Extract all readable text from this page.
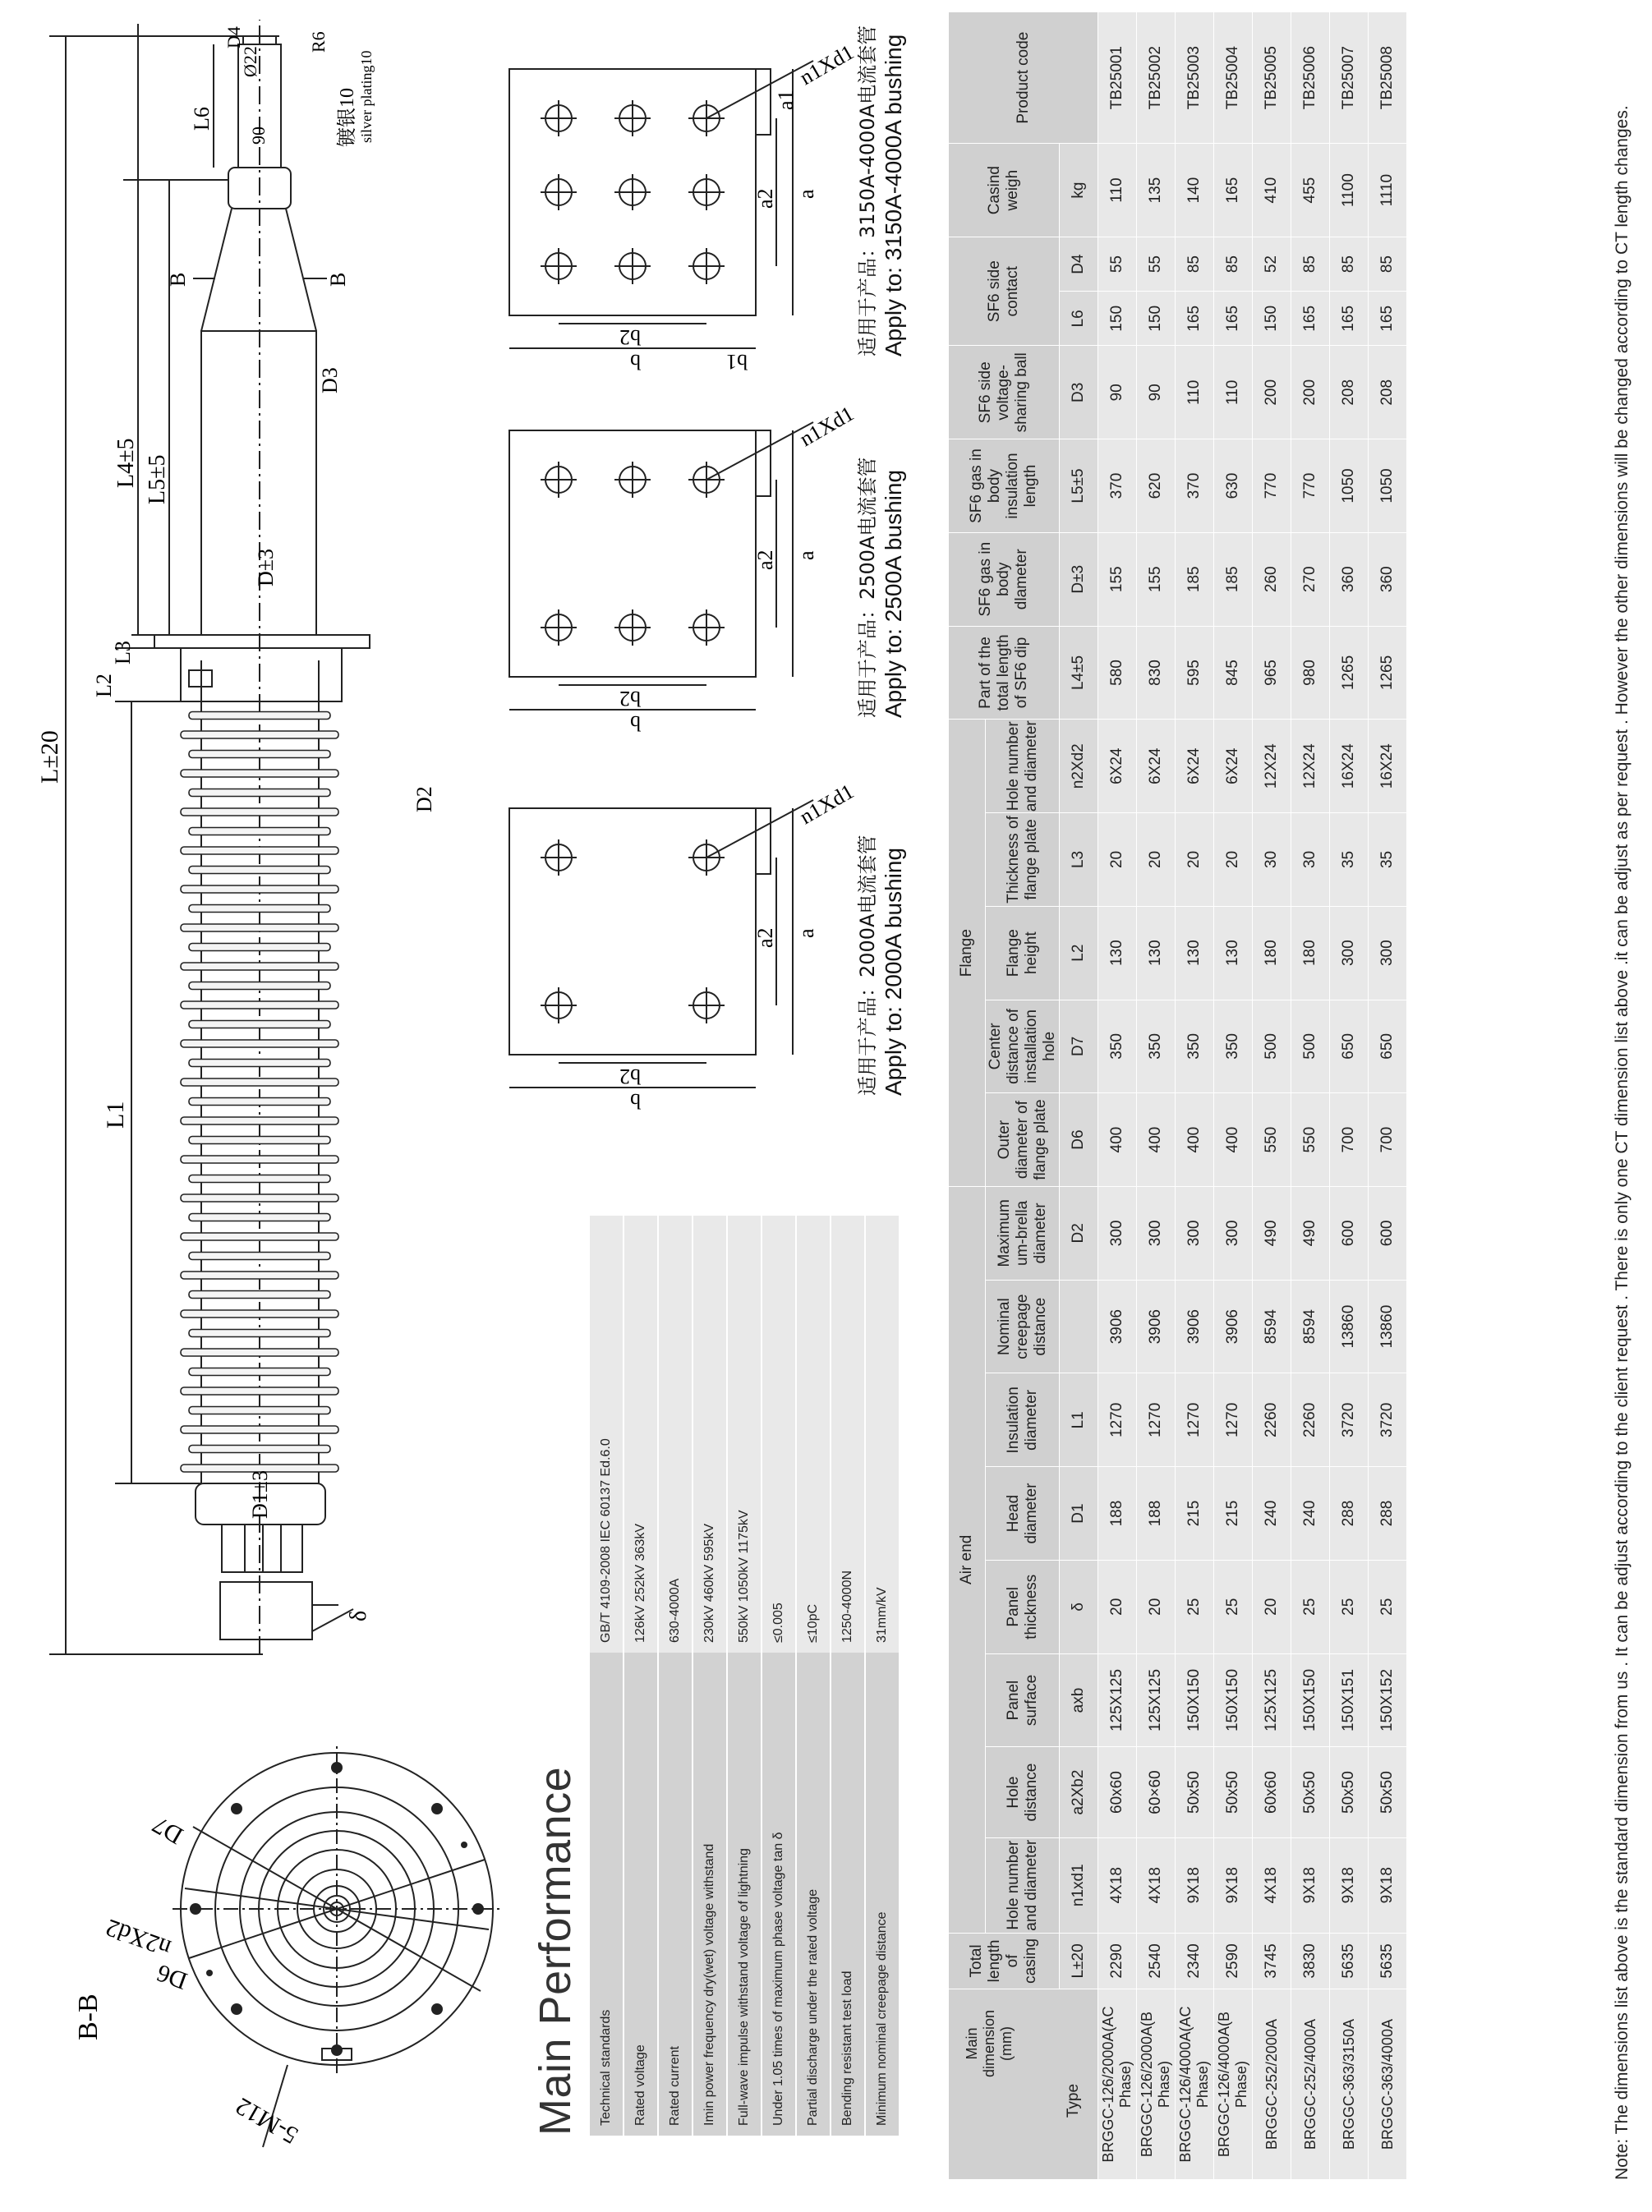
B-B
D6
n2Xd2
D7
5-M12
L±20
L1
L2
L3
L4±5 L5±5
L6
D1±3
D2
D3
D±3
90
Ø22
D4	R6
镀银10 silver plating10
δ
B	B
Main Performance Technical standards	GB/T 4109-2008 IEC 60137 Ed.6.0
Rated voltage	126kV 252kV 363kV
Rated current	630-4000A
Imin power frequency dry(wet) voltage withstand	230kV 460kV 595kV
Full-wave impulse withstand voltage of lightning	550kV 1050kV 1175kV
Under 1.05 times of maximum phase voltage tan δ	≤0.005
Partial discharge under the rated voltage	≤10pC
Bending resistant test load	1250-4000N
Minimum nominal creepage distance	31mm/kV
b
b2
a
a2
n1Xd1
适用于产品：2000A电流套管 Apply to: 2000A bushing
b
b2
a
a2
n1Xd1
适用于产品：2500A电流套管 Apply to: 2500A bushing
b
b2
a
a2
n1Xd1
a1
b1
适用于产品：3150A-4000A电流套管 Apply to: 3150A-4000A bushing
Main dimension (mm)
Type	Total length of casing	Air end								Flange					Part of the total length of SF6 dip	SF6 gas in body dlameter	SF6 gas in body insulation length	SF6 side voltage-sharing ball	SF6 side contact		Casind weigh	Product code
		Hole number and diameter	Hole distance	Panel surface	Panel thickness	Head diameter	Insulation diameter	Nominal creepage distance	Maximum um-brella diameter	Outer diameter of flange plate	Center distance of installation hole	Flange height	Thickness of flange plate	Hole number and diameter								
	L±20	n1xd1	a2Xb2	axb	δ	D1	L1		D2	D6	D7	L2	L3	n2Xd2	L4±5	D±3	L5±5	D3	L6	D4	kg	
BRGGC-126/2000A(AC Phase)	2290	4X18	60x60	125X125	20	188	1270	3906	300	400	350	130	20	6X24	580	155	370	90	150	55	110	TB25001
BRGGC-126/2000A(B Phase)	2540	4X18	60×60	125X125	20	188	1270	3906	300	400	350	130	20	6X24	830	155	620	90	150	55	135	TB25002
BRGGC-126/4000A(AC Phase)	2340	9X18	50x50	150X150	25	215	1270	3906	300	400	350	130	20	6X24	595	185	370	110	165	85	140	TB25003
BRGGC-126/4000A(B Phase)	2590	9X18	50x50	150X150	25	215	1270	3906	300	400	350	130	20	6X24	845	185	630	110	165	85	165	TB25004
BRGGC-252/2000A	3745	4X18	60x60	125X125	20	240	2260	8594	490	550	500	180	30	12X24	965	260	770	200	150	52	410	TB25005
BRGGC-252/4000A	3830	9X18	50x50	150X150	25	240	2260	8594	490	550	500	180	30	12X24	980	270	770	200	165	85	455	TB25006
BRGGC-363/3150A	5635	9X18	50x50	150X151	25	288	3720	13860	600	700	650	300	35	16X24	1265	360	1050	208	165	85	1100	TB25007
BRGGC-363/4000A	5635	9X18	50x50	150X152	25	288	3720	13860	600	700	650	300	35	16X24	1265	360	1050	208	165	85	1110	TB25008
Note: The dimensions list above is the standard dimension from us . It can be adjust according to the client request . There is only one CT dimension list above .it can be adjust as per request . However the other dimensions will be changed according to CT length changes.
